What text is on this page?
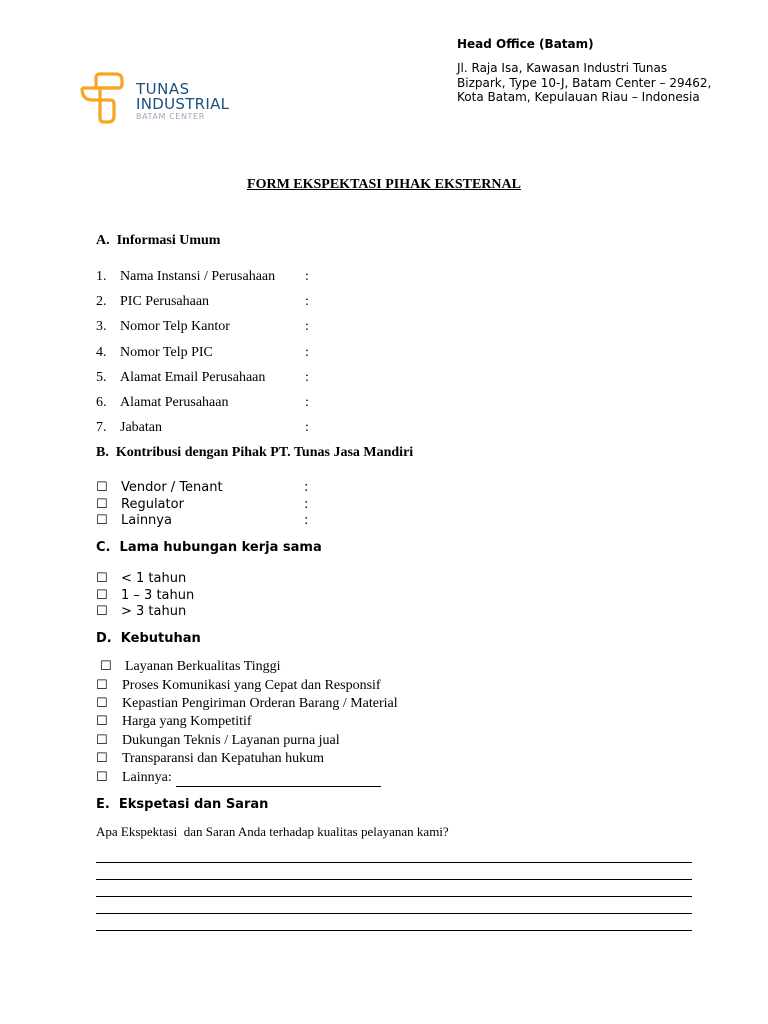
TUNAS
INDUSTRIAL
BATAM CENTER
Head Office (Batam)
Jl. Raja Isa, Kawasan Industri Tunas
Bizpark, Type 10-J, Batam Center – 29462,
Kota Batam, Kepulauan Riau – Indonesia
FORM EKSPEKTASI PIHAK EKSTERNAL
A.  Informasi Umum
1. Nama Instansi / Perusahaan :
2. PIC Perusahaan	:
3. Nomor Telp Kantor	:
4. Nomor Telp PIC	:
5. Alamat Email Perusahaan	:
6. Alamat Perusahaan	:
7. Jabatan	:
B.  Kontribusi dengan Pihak PT. Tunas Jasa Mandiri
☐ Vendor / Tenant	:
☐ Regulator	:
☐ Lainnya	:
C.  Lama hubungan kerja sama
☐ < 1 tahun
☐ 1 – 3 tahun
☐ > 3 tahun
D.  Kebutuhan
☐ Layanan Berkualitas Tinggi
☐ Proses Komunikasi yang Cepat dan Responsif
☐ Kepastian Pengiriman Orderan Barang / Material
☐ Harga yang Kompetitif
☐ Dukungan Teknis / Layanan purna jual
☐ Transparansi dan Kepatuhan hukum
☐ Lainnya:
E.  Ekspetasi dan Saran
Apa Ekspektasi  dan Saran Anda terhadap kualitas pelayanan kami?
